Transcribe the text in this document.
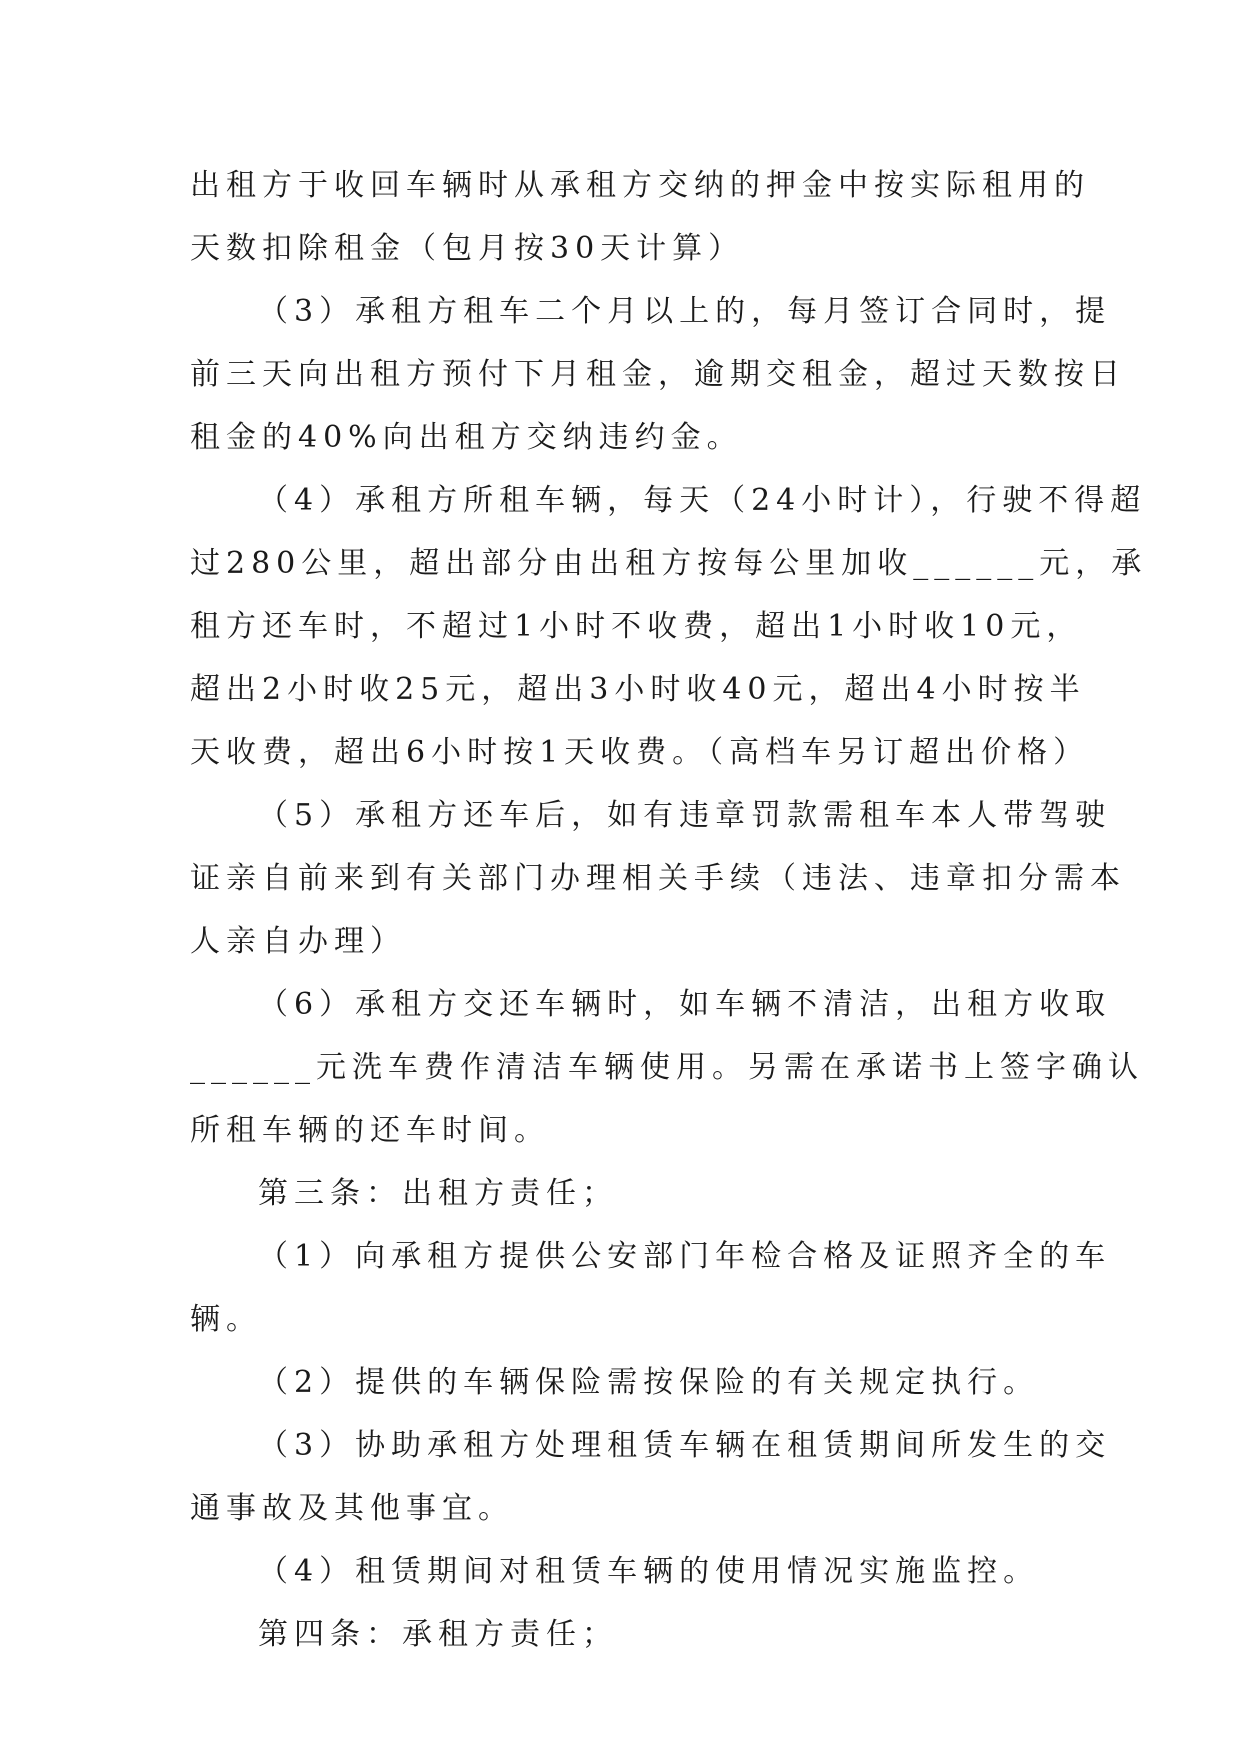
出租方于收回车辆时从承租方交纳的押金中按实际租用的
天数扣除租金（包月按30天计算）
（3）承租方租车二个月以上的，每月签订合同时，提
前三天向出租方预付下月租金，逾期交租金，超过天数按日
租金的40%向出租方交纳违约金。
（4）承租方所租车辆，每天（24小时计），行驶不得超
过280公里，超出部分由出租方按每公里加收______元，承
租方还车时，不超过1小时不收费，超出1小时收10元，
超出2小时收25元，超出3小时收40元，超出4小时按半
天收费，超出6小时按1天收费。（高档车另订超出价格）
（5）承租方还车后，如有违章罚款需租车本人带驾驶
证亲自前来到有关部门办理相关手续（违法、违章扣分需本
人亲自办理）
（6）承租方交还车辆时，如车辆不清洁，出租方收取
______元洗车费作清洁车辆使用。另需在承诺书上签字确认
所租车辆的还车时间。
第三条：出租方责任；
（1）向承租方提供公安部门年检合格及证照齐全的车
辆。
（2）提供的车辆保险需按保险的有关规定执行。
（3）协助承租方处理租赁车辆在租赁期间所发生的交
通事故及其他事宜。
（4）租赁期间对租赁车辆的使用情况实施监控。
第四条：承租方责任；
